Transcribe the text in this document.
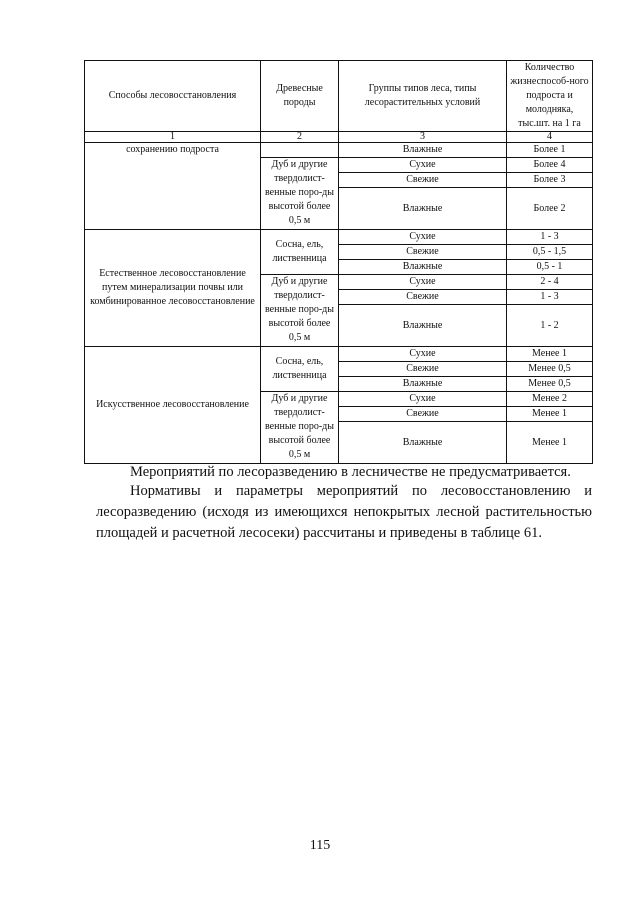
Способы лесовосстановления	Древесные породы	Группы типов леса, типы лесорастительных условий	Количество жизнеспособ-ного подроста и молодняка, тыс.шт. на 1 га
1	2	3	4
сохранению подроста		Влажные	Более 1
	Дуб и другие твердолист-венные поро-ды высотой более 0,5 м	Сухие	Более 4
		Свежие	Более 3
		Влажные	Более 2
Естественное лесовосстановление путем минерализации почвы или комбинированное лесовосстановление	Сосна, ель, лиственница	Сухие	1 - 3
		Свежие	0,5 - 1,5
		Влажные	0,5 - 1
	Дуб и другие твердолист-венные поро-ды высотой более 0,5 м	Сухие	2 - 4
		Свежие	1 - 3
		Влажные	1 - 2
Искусственное лесовосстановление	Сосна, ель, лиственница	Сухие	Менее 1
		Свежие	Менее 0,5
		Влажные	Менее 0,5
	Дуб и другие твердолист-венные поро-ды высотой более 0,5 м	Сухие	Менее 2
		Свежие	Менее 1
		Влажные	Менее 1

Мероприятий по лесоразведению в лесничестве не предусматривается.

Нормативы и параметры мероприятий по лесовосстановлению и лесоразведению (исходя из имеющихся непокрытых лесной растительностью площадей и расчетной лесосеки) рассчитаны и приведены в таблице 61.

115
